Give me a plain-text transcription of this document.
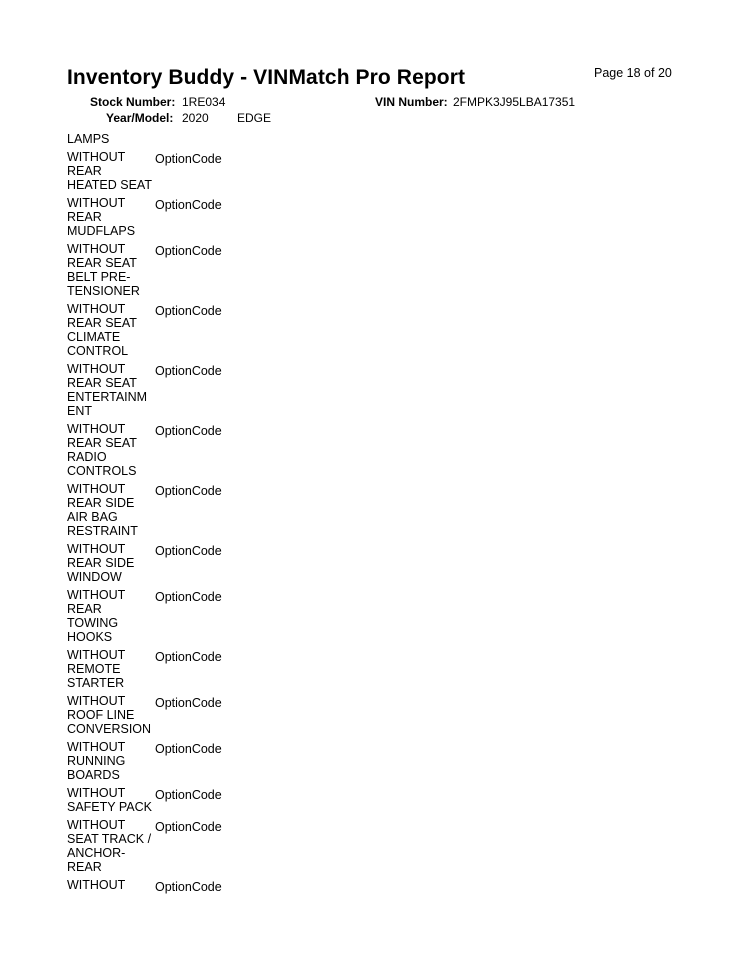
Page 18 of 20
Inventory Buddy - VINMatch Pro Report
Stock Number: 1RE034	VIN Number: 2FMPK3J95LBA17351
Year/Model: 2020 EDGE
LAMPS
WITHOUT
REAR
HEATED SEAT
OptionCode
WITHOUT
REAR
MUDFLAPS
OptionCode
WITHOUT
REAR SEAT
BELT PRE-
TENSIONER
OptionCode
WITHOUT
REAR SEAT
CLIMATE
CONTROL
OptionCode
WITHOUT
REAR SEAT
ENTERTAINM
ENT
OptionCode
WITHOUT
REAR SEAT
RADIO
CONTROLS
OptionCode
WITHOUT
REAR SIDE
AIR BAG
RESTRAINT
OptionCode
WITHOUT
REAR SIDE
WINDOW
OptionCode
WITHOUT
REAR
TOWING
HOOKS
OptionCode
WITHOUT
REMOTE
STARTER
OptionCode
WITHOUT
ROOF LINE
CONVERSION
OptionCode
WITHOUT
RUNNING
BOARDS
OptionCode
WITHOUT
SAFETY PACK
OptionCode
WITHOUT
SEAT TRACK /
ANCHOR-
REAR
OptionCode
WITHOUT	OptionCode
